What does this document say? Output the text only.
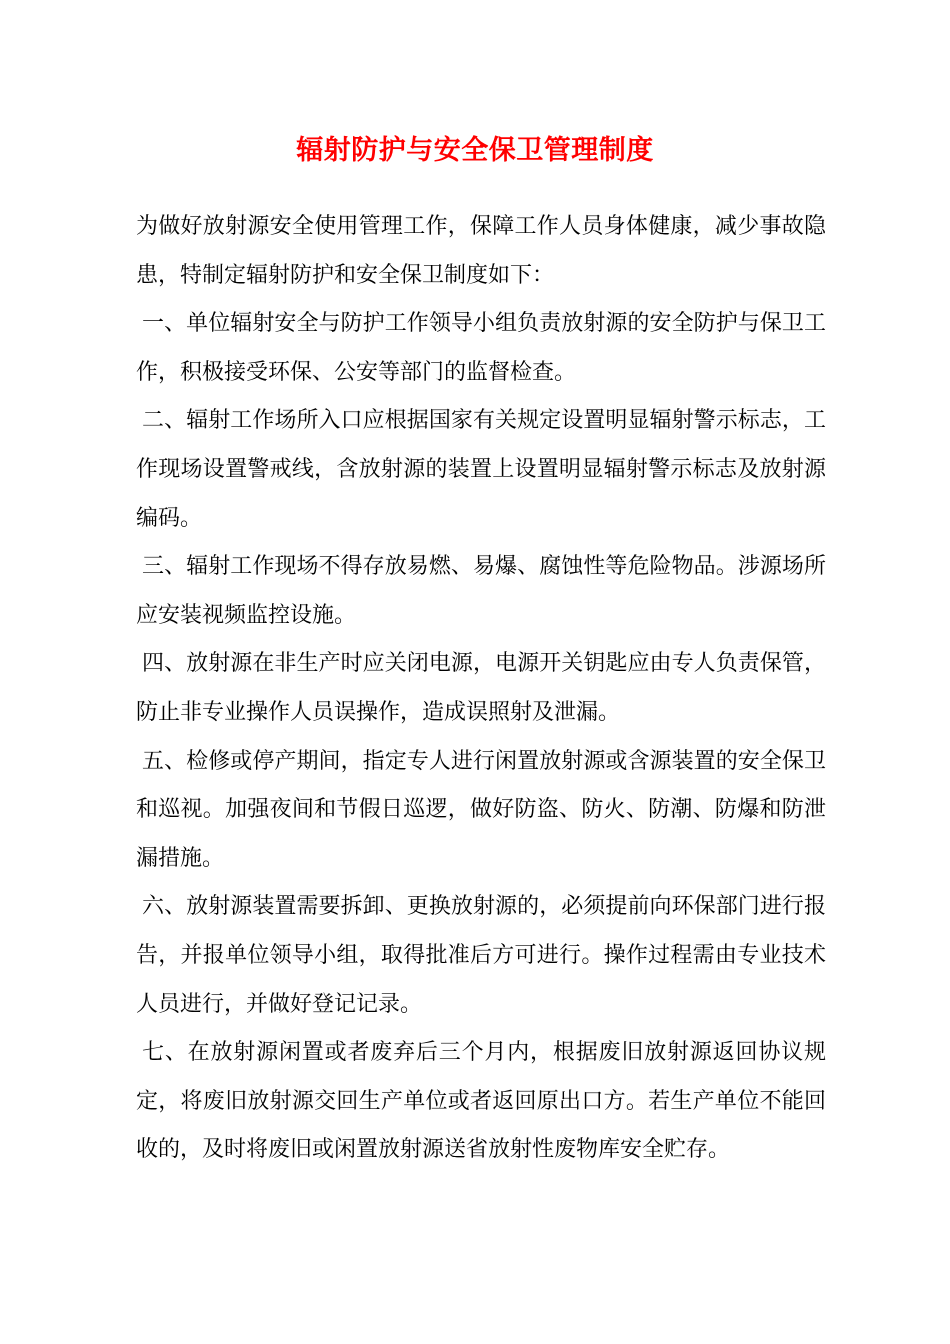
辐射防护与安全保卫管理制度

为做好放射源安全使用管理工作，保障工作人员身体健康，减少事故隐患，特制定辐射防护和安全保卫制度如下：

一、单位辐射安全与防护工作领导小组负责放射源的安全防护与保卫工作，积极接受环保、公安等部门的监督检查。

二、辐射工作场所入口应根据国家有关规定设置明显辐射警示标志，工作现场设置警戒线，含放射源的装置上设置明显辐射警示标志及放射源编码。

三、辐射工作现场不得存放易燃、易爆、腐蚀性等危险物品。涉源场所应安装视频监控设施。

四、放射源在非生产时应关闭电源，电源开关钥匙应由专人负责保管，防止非专业操作人员误操作，造成误照射及泄漏。

五、检修或停产期间，指定专人进行闲置放射源或含源装置的安全保卫和巡视。加强夜间和节假日巡逻，做好防盗、防火、防潮、防爆和防泄漏措施。

六、放射源装置需要拆卸、更换放射源的，必须提前向环保部门进行报告，并报单位领导小组，取得批准后方可进行。操作过程需由专业技术人员进行，并做好登记记录。

七、在放射源闲置或者废弃后三个月内，根据废旧放射源返回协议规定，将废旧放射源交回生产单位或者返回原出口方。若生产单位不能回收的，及时将废旧或闲置放射源送省放射性废物库安全贮存。
